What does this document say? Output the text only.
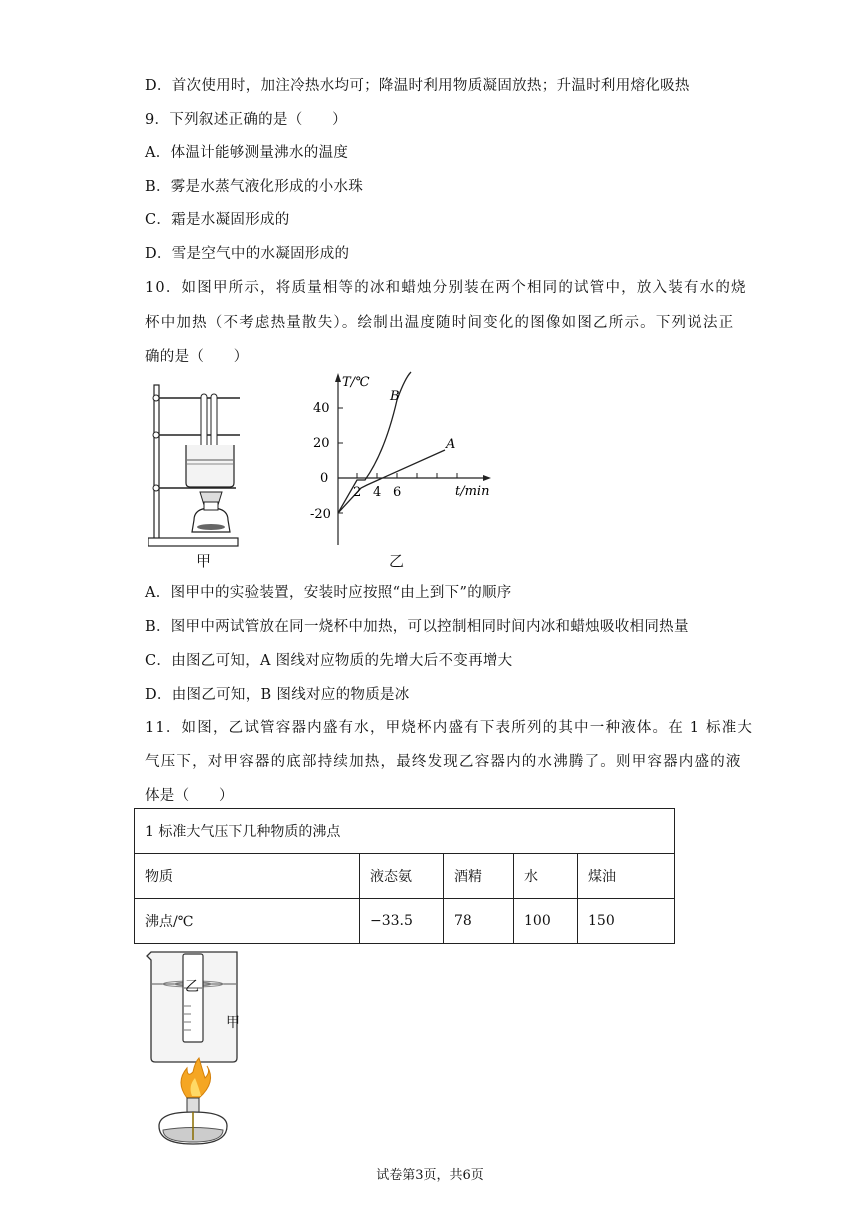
D．首次使用时，加注冷热水均可；降温时利用物质凝固放热；升温时利用熔化吸热
9．下列叙述正确的是（　　）
A．体温计能够测量沸水的温度
B．雾是水蒸气液化形成的小水珠
C．霜是水凝固形成的
D．雪是空气中的水凝固形成的
10．如图甲所示，将质量相等的冰和蜡烛分别装在两个相同的试管中，放入装有水的烧
杯中加热（不考虑热量散失）。绘制出温度随时间变化的图像如图乙所示。下列说法正
确的是（　　）
甲
T/℃
t/min
40
20
0
-20
2 4 6
B
A
乙
A．图甲中的实验装置，安装时应按照“由上到下”的顺序
B．图甲中两试管放在同一烧杯中加热，可以控制相同时间内冰和蜡烛吸收相同热量
C．由图乙可知，A 图线对应物质的先增大后不变再增大
D．由图乙可知，B 图线对应的物质是冰
11．如图，乙试管容器内盛有水，甲烧杯内盛有下表所列的其中一种液体。在 1 标准大
气压下，对甲容器的底部持续加热，最终发现乙容器内的水沸腾了。则甲容器内盛的液
体是（　　）
1 标准大气压下几种物质的沸点				
物质	液态氨	酒精	水	煤油
沸点/℃	−33.5	78	100	150
乙
甲
试卷第3页，共6页
